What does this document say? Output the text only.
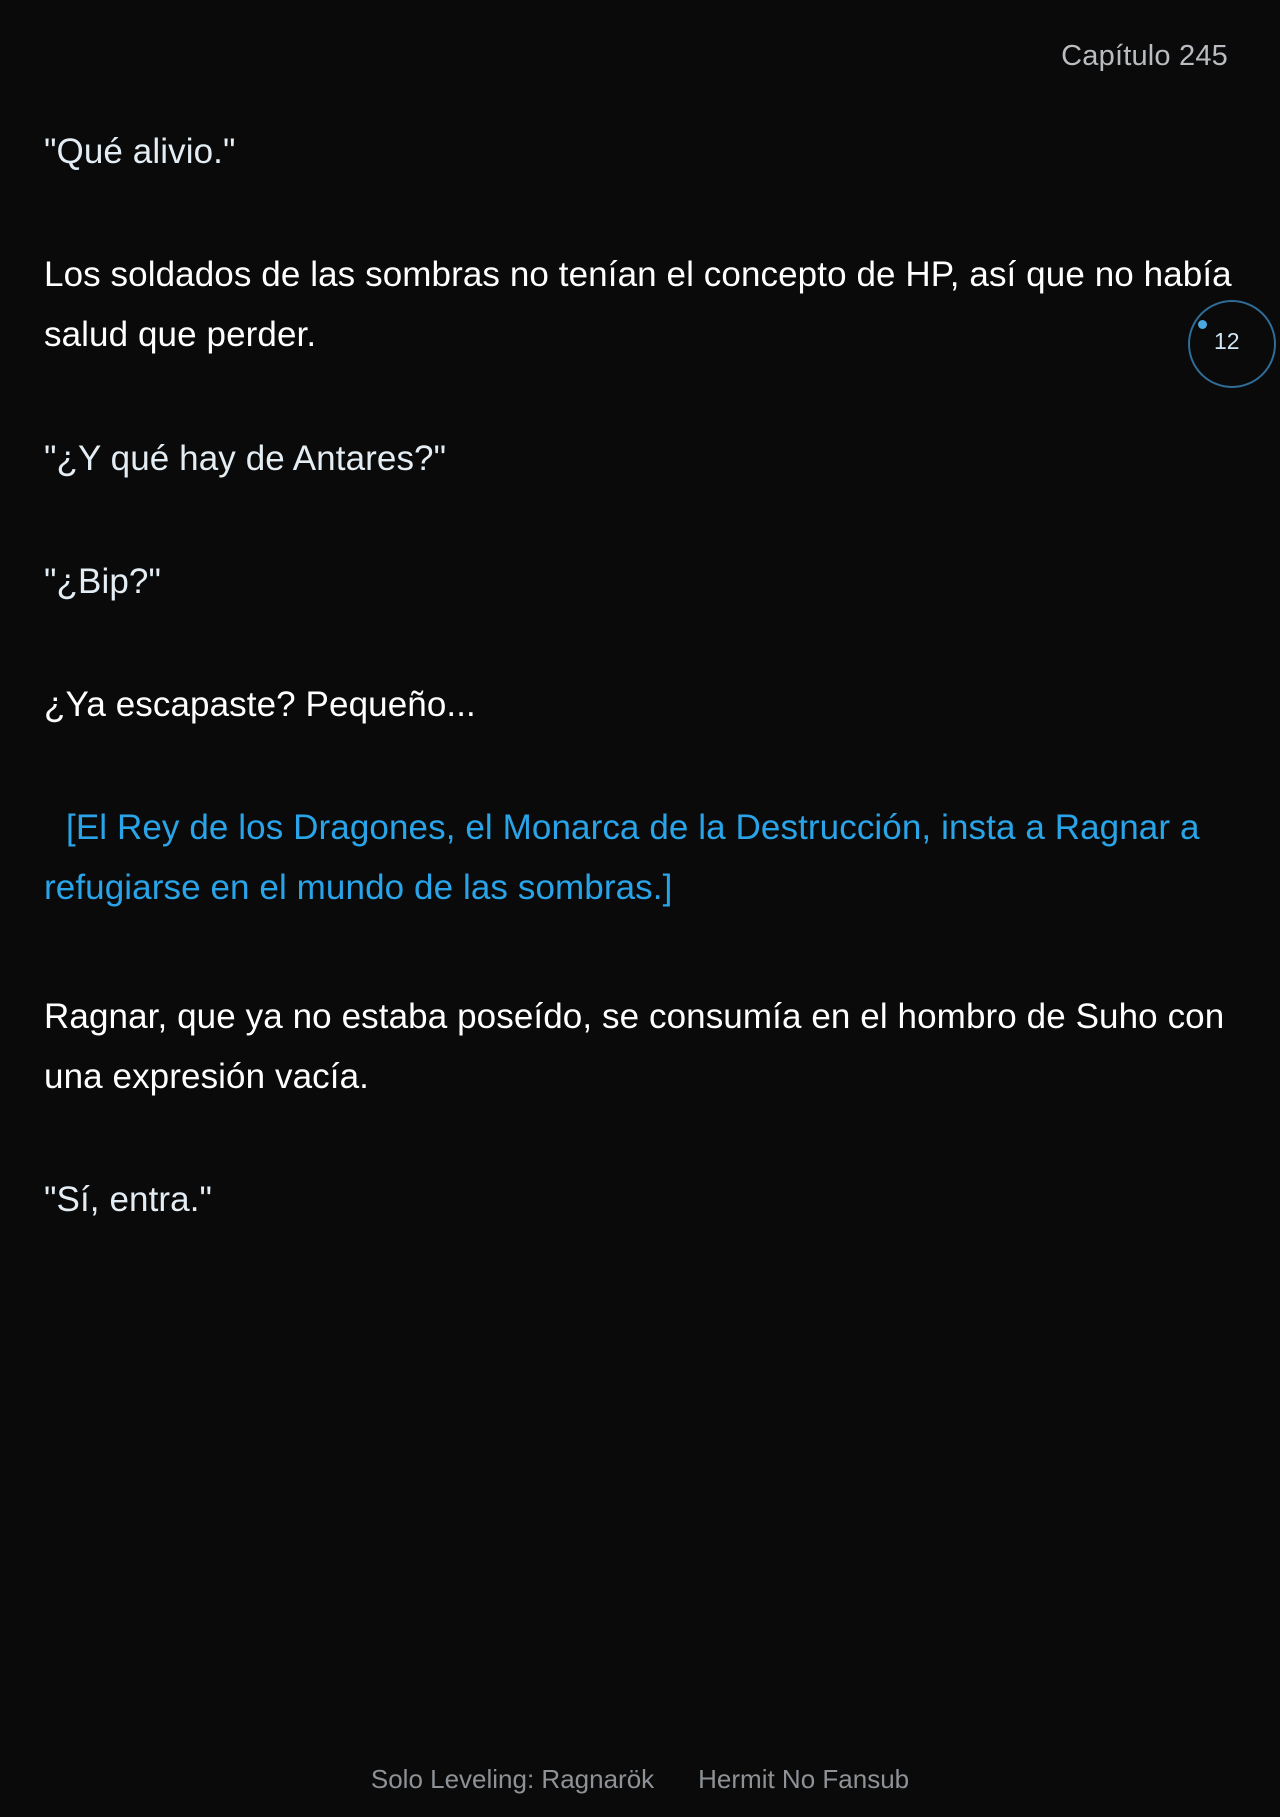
Capítulo 245
12

"Qué alivio."

Los soldados de las sombras no tenían el concepto de HP, así que no había salud que perder.

"¿Y qué hay de Antares?"

"¿Bip?"

¿Ya escapaste? Pequeño...

[El Rey de los Dragones, el Monarca de la Destrucción, insta a Ragnar a refugiarse en el mundo de las sombras.]

Ragnar, que ya no estaba poseído, se consumía en el hombro de Suho con una expresión vacía.

"Sí, entra."

Solo Leveling: Ragnarök Hermit No Fansub
